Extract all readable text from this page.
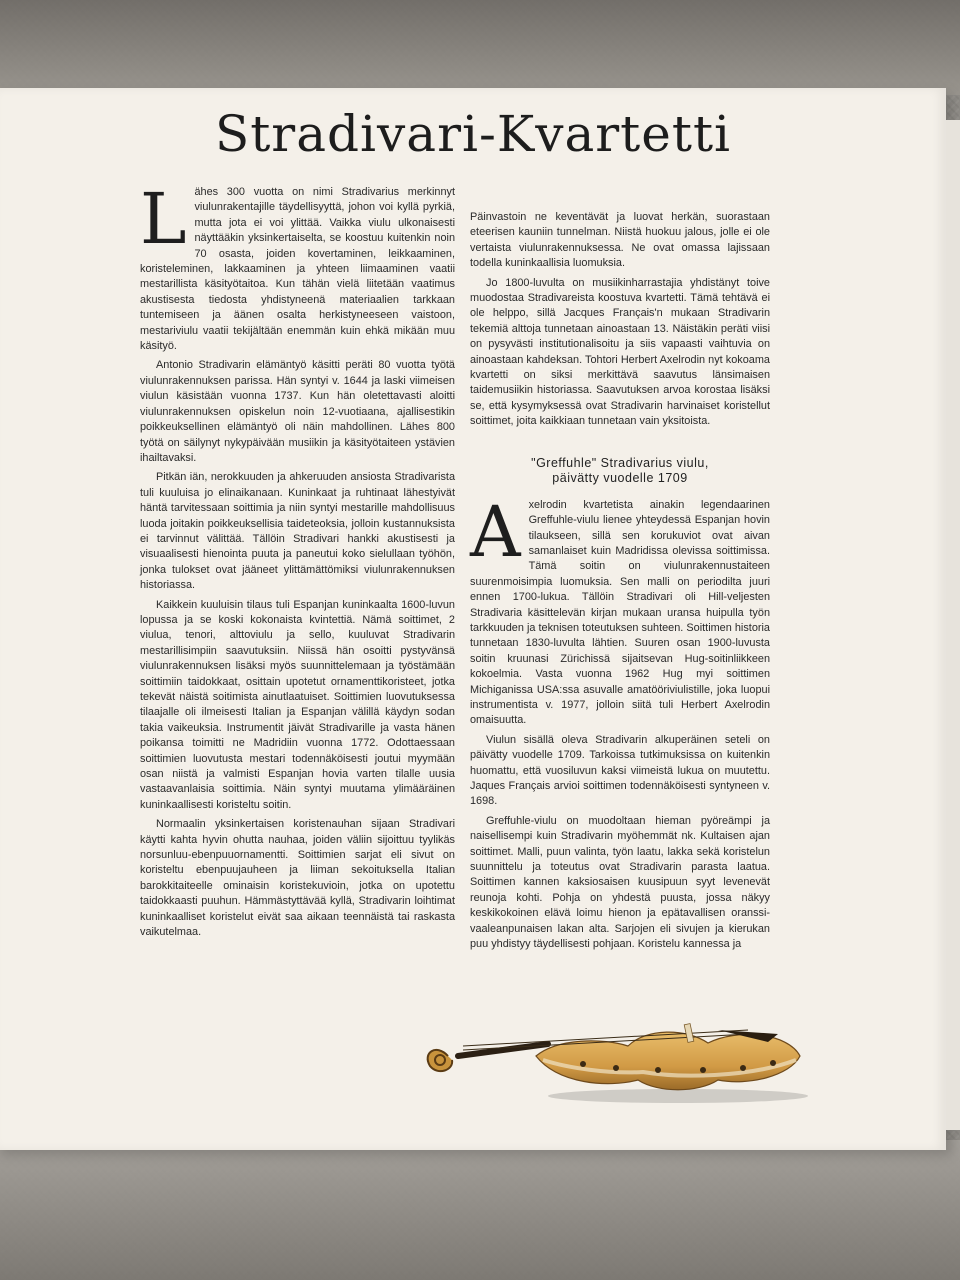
Stradivari-Kvartetti
L ähes 300 vuotta on nimi Stradivarius merkinnyt viulunrakentajille täydellisyyttä, johon voi kyllä pyrkiä, mutta jota ei voi ylittää. Vaikka viulu ulkonaisesti näyttääkin yksinkertaiselta, se koostuu kuitenkin noin 70 osasta, joiden kovertaminen, leikkaaminen, koristeleminen, lakkaaminen ja yhteen liimaaminen vaatii mestarillista käsityötaitoa. Kun tähän vielä liitetään vaatimus akustisesta tiedosta yhdistyneenä materiaalien tarkkaan tuntemiseen ja äänen osalta herkistyneeseen vaistoon, mestariviulu vaatii tekijältään enemmän kuin ehkä mikään muu käsityö.

Antonio Stradivarin elämäntyö käsitti peräti 80 vuotta työtä viulunrakennuksen parissa. Hän syntyi v. 1644 ja laski viimeisen viulun käsistään vuonna 1737. Kun hän oletettavasti aloitti viulunrakennuksen opiskelun noin 12-vuotiaana, ajallisestikin poikkeuksellinen elämäntyö oli näin mahdollinen. Lähes 800 työtä on säilynyt nykypäivään musiikin ja käsityötaiteen ystävien ihailtavaksi.

Pitkän iän, nerokkuuden ja ahkeruuden ansiosta Stradivarista tuli kuuluisa jo elinaikanaan. Kuninkaat ja ruhtinaat lähestyivät häntä tarvitessaan soittimia ja niin syntyi mestarille mahdollisuus luoda joitakin poikkeuksellisia taideteoksia, jolloin kustannuksista ei tarvinnut välittää. Tällöin Stradivari hankki akustisesti ja visuaalisesti hienointa puuta ja paneutui koko sielullaan työhön, jonka tulokset ovat jääneet ylittämättömiksi viulunrakennuksen historiassa.

Kaikkein kuuluisin tilaus tuli Espanjan kuninkaalta 1600-luvun lopussa ja se koski kokonaista kvintettiä. Nämä soittimet, 2 viulua, tenori, alttoviulu ja sello, kuuluvat Stradivarin mestarillisimpiin saavutuksiin. Niissä hän osoitti pystyvänsä viulunrakennuksen lisäksi myös suunnittelemaan ja työstämään soittimiin taidokkaat, osittain upotetut ornamenttikoristeet, jotka tekevät näistä soitimista ainutlaatuiset. Soittimien luovutuksessa tilaajalle oli ilmeisesti Italian ja Espanjan välillä käydyn sodan takia vaikeuksia. Instrumentit jäivät Stradivarille ja vasta hänen poikansa toimitti ne Madridiin vuonna 1772. Odottaessaan soittimien luovutusta mestari todennäköisesti joutui myymään osan niistä ja valmisti Espanjan hovia varten tilalle uusia vastaavanlaisia soittimia. Näin syntyi muutama ylimääräinen kuninkaallisesti koristeltu soitin.

Normaalin yksinkertaisen koristenauhan sijaan Stradivari käytti kahta hyvin ohutta nauhaa, joiden väliin sijoittuu tyylikäs norsunluu-ebenpuuornamentti. Soittimien sarjat eli sivut on koristeltu ebenpuujauheen ja liiman sekoituksella Italian barokkitaiteelle ominaisin koristekuvioin, jotka on upotettu taidokkaasti puuhun. Hämmästyttävää kyllä, Stradivarin loihtimat kuninkaalliset koristelut eivät saa aikaan teennäistä tai raskasta vaikutelmaa.

Päinvastoin ne keventävät ja luovat herkän, suorastaan eteerisen kauniin tunnelman. Niistä huokuu jalous, jolle ei ole vertaista viulunrakennuksessa. Ne ovat omassa lajissaan todella kuninkaallisia luomuksia.

Jo 1800-luvulta on musiikinharrastajia yhdistänyt toive muodostaa Stradivareista koostuva kvartetti. Tämä tehtävä ei ole helppo, sillä Jacques Français'n mukaan Stradivarin tekemiä alttoja tunnetaan ainoastaan 13. Näistäkin peräti viisi on pysyvästi institutionalisoitu ja siis vapaasti vaihtuvia on ainoastaan kahdeksan. Tohtori Herbert Axelrodin nyt kokoama kvartetti on siksi merkittävä saavutus länsimaisen taidemusiikin historiassa. Saavutuksen arvoa korostaa lisäksi se, että kysymyksessä ovat Stradivarin harvinaiset koristellut soittimet, joita kaikkiaan tunnetaan vain yksitoista.

"Greffuhle" Stradivarius viulu,
päivätty vuodelle 1709
A xelrodin kvartetista ainakin legendaarinen Greffuhle-viulu lienee yhteydessä Espanjan hovin tilaukseen, sillä sen korukuviot ovat aivan samanlaiset kuin Madridissa olevissa soittimissa. Tämä soitin on viulunrakennustaiteen suurenmoisimpia luomuksia. Sen malli on periodilta juuri ennen 1700-lukua. Tällöin Stradivari oli Hill-veljesten Stradivaria käsittelevän kirjan mukaan uransa huipulla työn tarkkuuden ja teknisen toteutuksen suhteen. Soittimen historia tunnetaan 1830-luvulta lähtien. Suuren osan 1900-luvusta soitin kruunasi Zürichissä sijaitsevan Hug-soitinliikkeen kokoelmia. Vasta vuonna 1962 Hug myi soittimen Michiganissa USA:ssa asuvalle amatööriviulistille, joka luopui instrumentista v. 1977, jolloin siitä tuli Herbert Axelrodin omaisuutta.

Viulun sisällä oleva Stradivarin alkuperäinen seteli on päivätty vuodelle 1709. Tarkoissa tutkimuksissa on kuitenkin huomattu, että vuosiluvun kaksi viimeistä lukua on muutettu. Jaques Français arvioi soittimen todennäköisesti syntyneen v. 1698.

Greffuhle-viulu on muodoltaan hieman pyöreämpi ja naisellisempi kuin Stradivarin myöhemmät nk. Kultaisen ajan soittimet. Malli, puun valinta, työn laatu, lakka sekä koristelun suunnittelu ja toteutus ovat Stradivarin parasta laatua. Soittimen kannen kaksiosaisen kuusipuun syyt levenevät reunoja kohti. Pohja on yhdestä puusta, jossa näkyy keskikokoinen elävä loimu hienon ja epätavallisen oranssi-vaaleanpunaisen lakan alta. Sarjojen eli sivujen ja kierukan puu yhdistyy täydellisesti pohjaan. Koristelu kannessa ja
